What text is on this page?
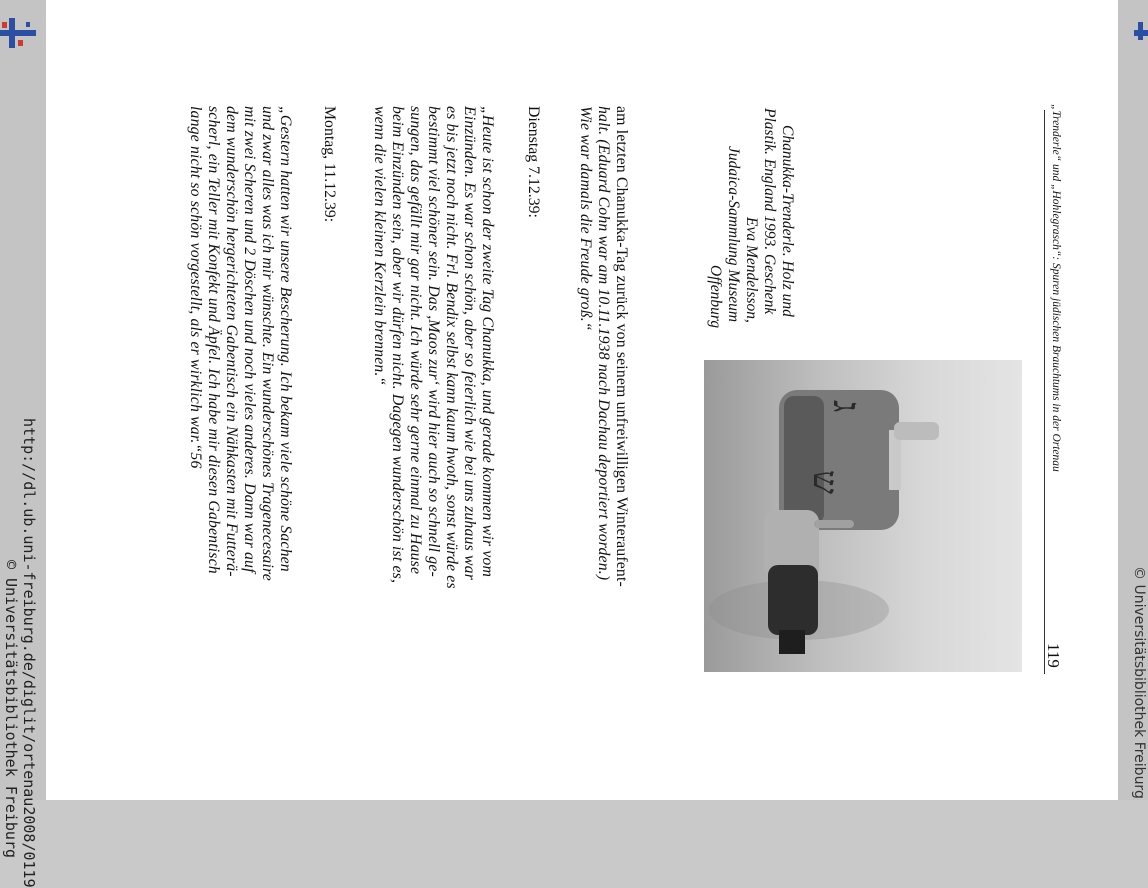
http://dl.ub.uni-freiburg.de/diglit/ortenau2008/0119
© Universitätsbibliothek Freiburg	© Universitätsbibliothek Freiburg
„Trenderle“ und „Hohlegrasch“: Spuren jüdischen Brauchtums in der Ortenau
119
Chanukka-Trenderle. Holz und
Plastik. England 1993. Geschenk
Eva Mendelsson,
Judaica-Sammlung Museum
Offenburg
ג
ש
am letzten Chanukka-Tag zurück von seinem unfreiwilligen Winteraufent-
halt. (Eduard Cohn war am 10.11.1938 nach Dachau deportiert worden.)
Wie war damals die Freude groß.“
Dienstag 7.12.39:
„Heute ist schon der zweite Tag Chanukka, und gerade kommen wir vom
Einzünden. Es war schon schön, aber so feierlich wie bei uns zuhaus war
es bis jetzt noch nicht. Frl. Bendix selbst kann kaum hwoth, sonst würde es
bestimmt viel schöner sein. Das ,Maos zur‘ wird hier auch so schnell ge-
sungen, das gefällt mir gar nicht. Ich würde sehr gerne einmal zu Hause
beim Einzünden sein, aber wir dürfen nicht. Dagegen wunderschön ist es,
wenn die vielen kleinen Kerzlein brennen.“
Montag, 11.12.39:
„Gestern hatten wir unsere Bescherung. Ich bekam viele schöne Sachen
und zwar alles was ich mir wünschte. Ein wunderschönes Tragenecesaire
mit zwei Scheren und 2 Döschen und noch vieles anderes. Dann war auf
dem wunderschön hergerichteten Gabentisch ein Nähkasten mit Futterä-
scherl, ein Teller mit Konfekt und Äpfel. Ich habe mir diesen Gabentisch
lange nicht so schön vorgestellt, als er wirklich war.“56
